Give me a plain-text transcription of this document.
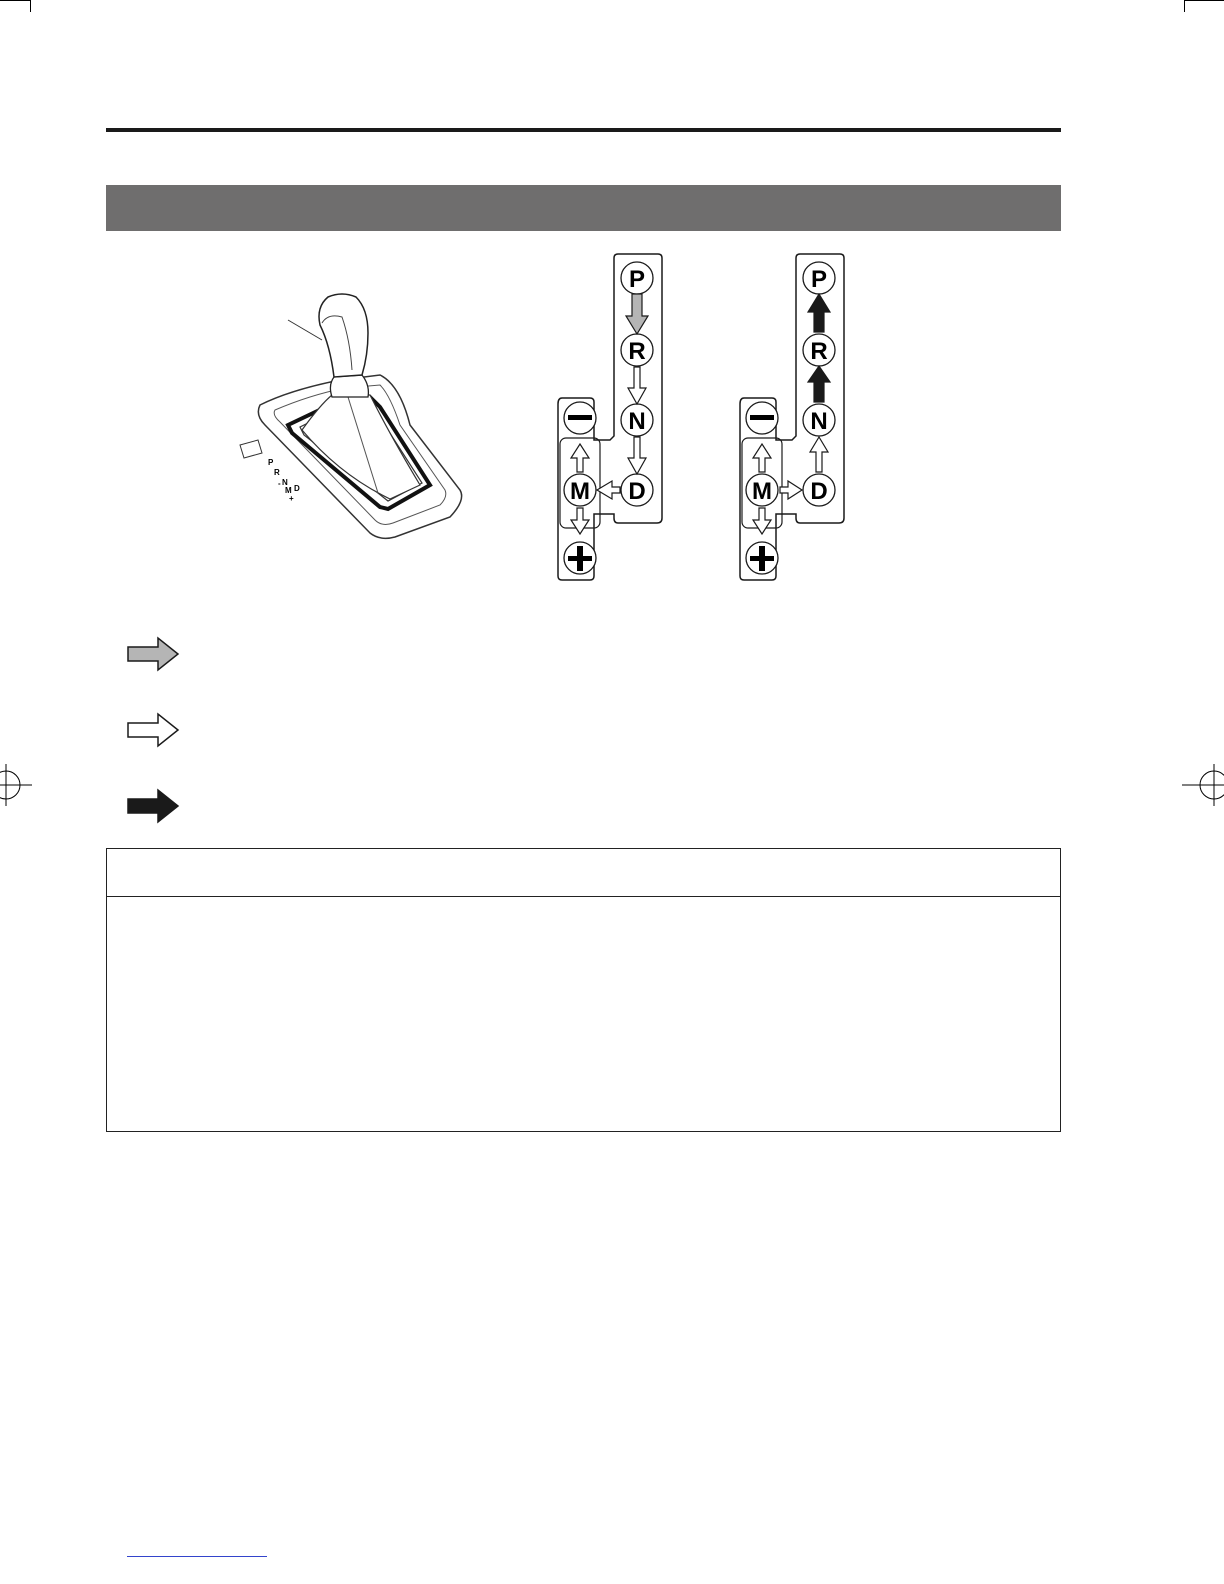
P
R
N
M D
+
-
P
R
N
D
M
P
R
N
D
M
